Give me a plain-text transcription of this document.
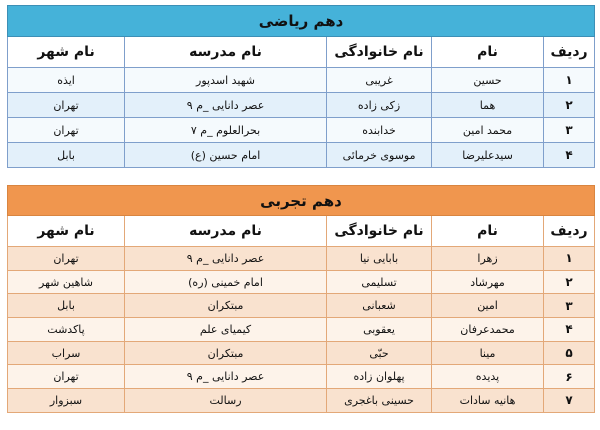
دهم ریاضی				
ردیف	نام	نام خانوادگی	نام مدرسه	نام شهر
۱	حسین	غریبی	شهید اسدپور	ایذه
۲	هما	زکی زاده	عصر دانایی _م ۹	تهران
۳	محمد امین	خدابنده	بحرالعلوم _م ۷	تهران
۴	سیدعلیرضا	موسوی خرمائی	امام حسین (ع)	بابل
دهم تجربی				
ردیف	نام	نام خانوادگی	نام مدرسه	نام شهر
۱	زهرا	بابایی نیا	عصر دانایی _م ۹	تهران
۲	مهرشاد	تسلیمی	امام خمینی (ره)	شاهین شهر
۳	امین	شعبانی	مبتکران	بابل
۴	محمدعرفان	یعقوبی	کیمیای علم	پاکدشت
۵	مینا	حبّی	مبتکران	سراب
۶	پدیده	پهلوان زاده	عصر دانایی _م ۹	تهران
۷	هانیه سادات	حسینی باغجری	رسالت	سبزوار
